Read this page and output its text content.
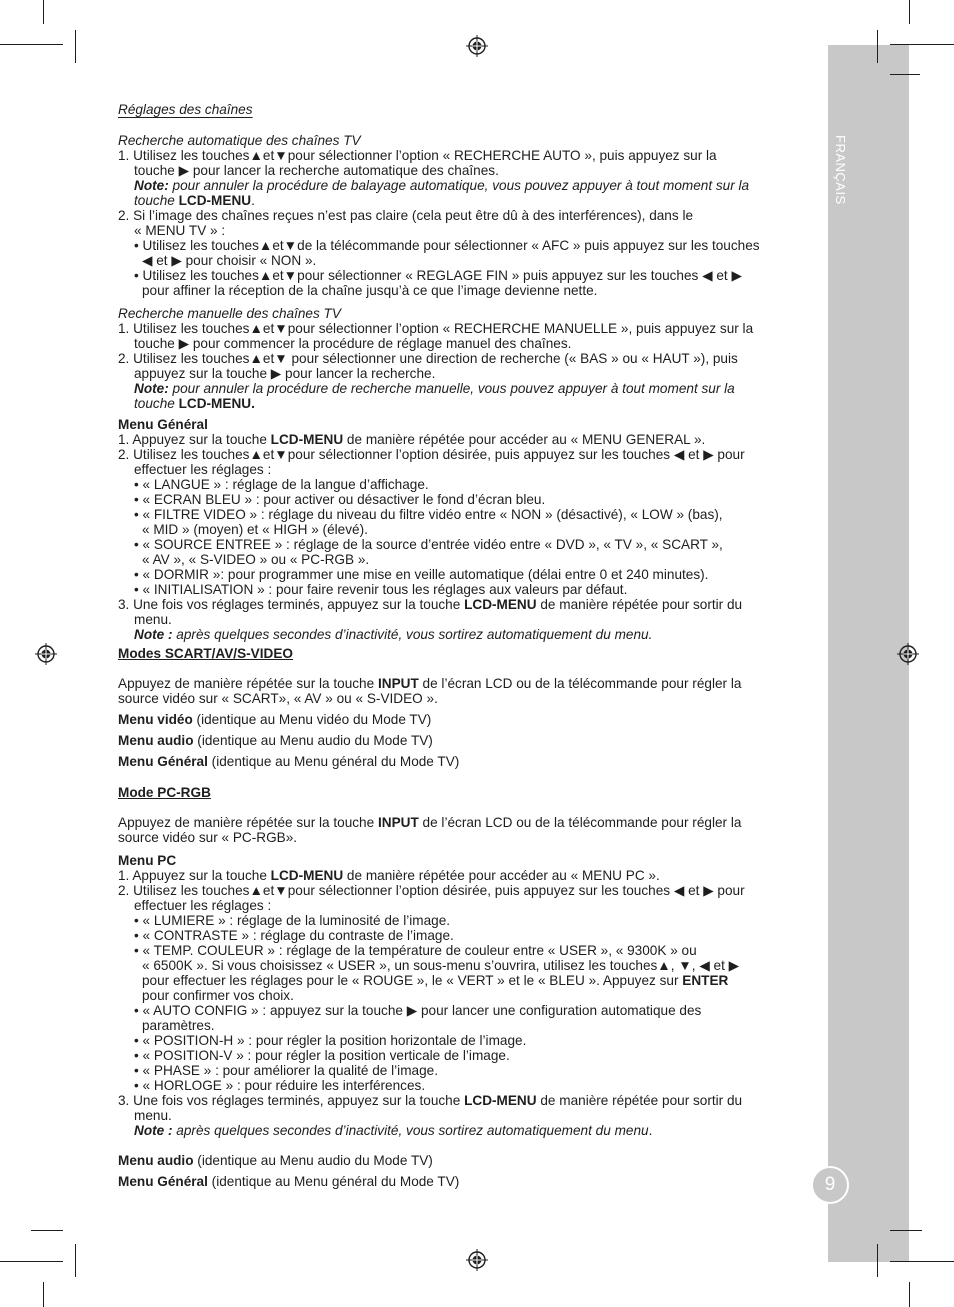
FRANÇAIS
9

Réglages des chaînes

Recherche automatique des chaînes TV

1. Utilisez les touches▲et▼pour sélectionner l’option « RECHERCHE AUTO », puis appuyez sur la

touche ▶ pour lancer la recherche automatique des chaînes.

Note: pour annuler la procédure de balayage automatique, vous pouvez appuyer à tout moment sur la

touche LCD-MENU.

2. Si l’image des chaînes reçues n’est pas claire (cela peut être dû à des interférences), dans le

« MENU TV » :

• Utilisez les touches▲et▼de la télécommande pour sélectionner « AFC » puis appuyez sur les touches

◀ et ▶ pour choisir « NON ».

• Utilisez les touches▲et▼pour sélectionner « REGLAGE FIN » puis appuyez sur les touches ◀ et ▶

pour affiner la réception de la chaîne jusqu’à ce que l’image devienne nette.

Recherche manuelle des chaînes TV

1. Utilisez les touches▲et▼pour sélectionner l’option « RECHERCHE MANUELLE », puis appuyez sur la

touche ▶ pour commencer la procédure de réglage manuel des chaînes.

2. Utilisez les touches▲et▼ pour sélectionner une direction de recherche (« BAS » ou « HAUT »), puis

appuyez sur la touche ▶ pour lancer la recherche.

Note: pour annuler la procédure de recherche manuelle, vous pouvez appuyer à tout moment sur la

touche LCD-MENU.

Menu Général

1. Appuyez sur la touche LCD-MENU de manière répétée pour accéder au « MENU GENERAL ».

2. Utilisez les touches▲et▼pour sélectionner l’option désirée, puis appuyez sur les touches ◀ et ▶ pour

effectuer les réglages :

• « LANGUE » : réglage de la langue d’affichage.

• « ECRAN BLEU » : pour activer ou désactiver le fond d’écran bleu.

• « FILTRE VIDEO » : réglage du niveau du filtre vidéo entre « NON » (désactivé), « LOW » (bas),

« MID » (moyen) et « HIGH » (élevé).

• « SOURCE ENTREE » : réglage de la source d’entrée vidéo entre « DVD », « TV », « SCART »,

« AV », « S-VIDEO » ou « PC-RGB ».

• « DORMIR »: pour programmer une mise en veille automatique (délai entre 0 et 240 minutes).

• « INITIALISATION » : pour faire revenir tous les réglages aux valeurs par défaut.

3. Une fois vos réglages terminés, appuyez sur la touche LCD-MENU de manière répétée pour sortir du

menu.

Note : après quelques secondes d’inactivité, vous sortirez automatiquement du menu.

Modes SCART/AV/S-VIDEO

Appuyez de manière répétée sur la touche INPUT de l’écran LCD ou de la télécommande pour régler la

source vidéo sur « SCART», « AV » ou « S-VIDEO ».

Menu vidéo (identique au Menu vidéo du Mode TV)

Menu audio (identique au Menu audio du Mode TV)

Menu Général (identique au Menu général du Mode TV)

Mode PC-RGB

Appuyez de manière répétée sur la touche INPUT de l’écran LCD ou de la télécommande pour régler la

source vidéo sur « PC-RGB».

Menu PC

1. Appuyez sur la touche LCD-MENU de manière répétée pour accéder au « MENU PC ».

2. Utilisez les touches▲et▼pour sélectionner l’option désirée, puis appuyez sur les touches ◀ et ▶ pour

effectuer les réglages :

• « LUMIERE » : réglage de la luminosité de l’image.

• « CONTRASTE » : réglage du contraste de l’image.

• « TEMP. COULEUR » : réglage de la température de couleur entre « USER », « 9300K » ou

« 6500K ». Si vous choisissez « USER », un sous-menu s’ouvrira, utilisez les touches▲, ▼, ◀ et ▶

pour effectuer les réglages pour le « ROUGE », le « VERT » et le « BLEU ». Appuyez sur ENTER

pour confirmer vos choix.

• « AUTO CONFIG » : appuyez sur la touche ▶ pour lancer une configuration automatique des

paramètres.

• « POSITION-H » : pour régler la position horizontale de l’image.

• « POSITION-V » : pour régler la position verticale de l’image.

• « PHASE » : pour améliorer la qualité de l’image.

• « HORLOGE » : pour réduire les interférences.

3. Une fois vos réglages terminés, appuyez sur la touche LCD-MENU de manière répétée pour sortir du

menu.

Note : après quelques secondes d’inactivité, vous sortirez automatiquement du menu.

Menu audio (identique au Menu audio du Mode TV)

Menu Général (identique au Menu général du Mode TV)
